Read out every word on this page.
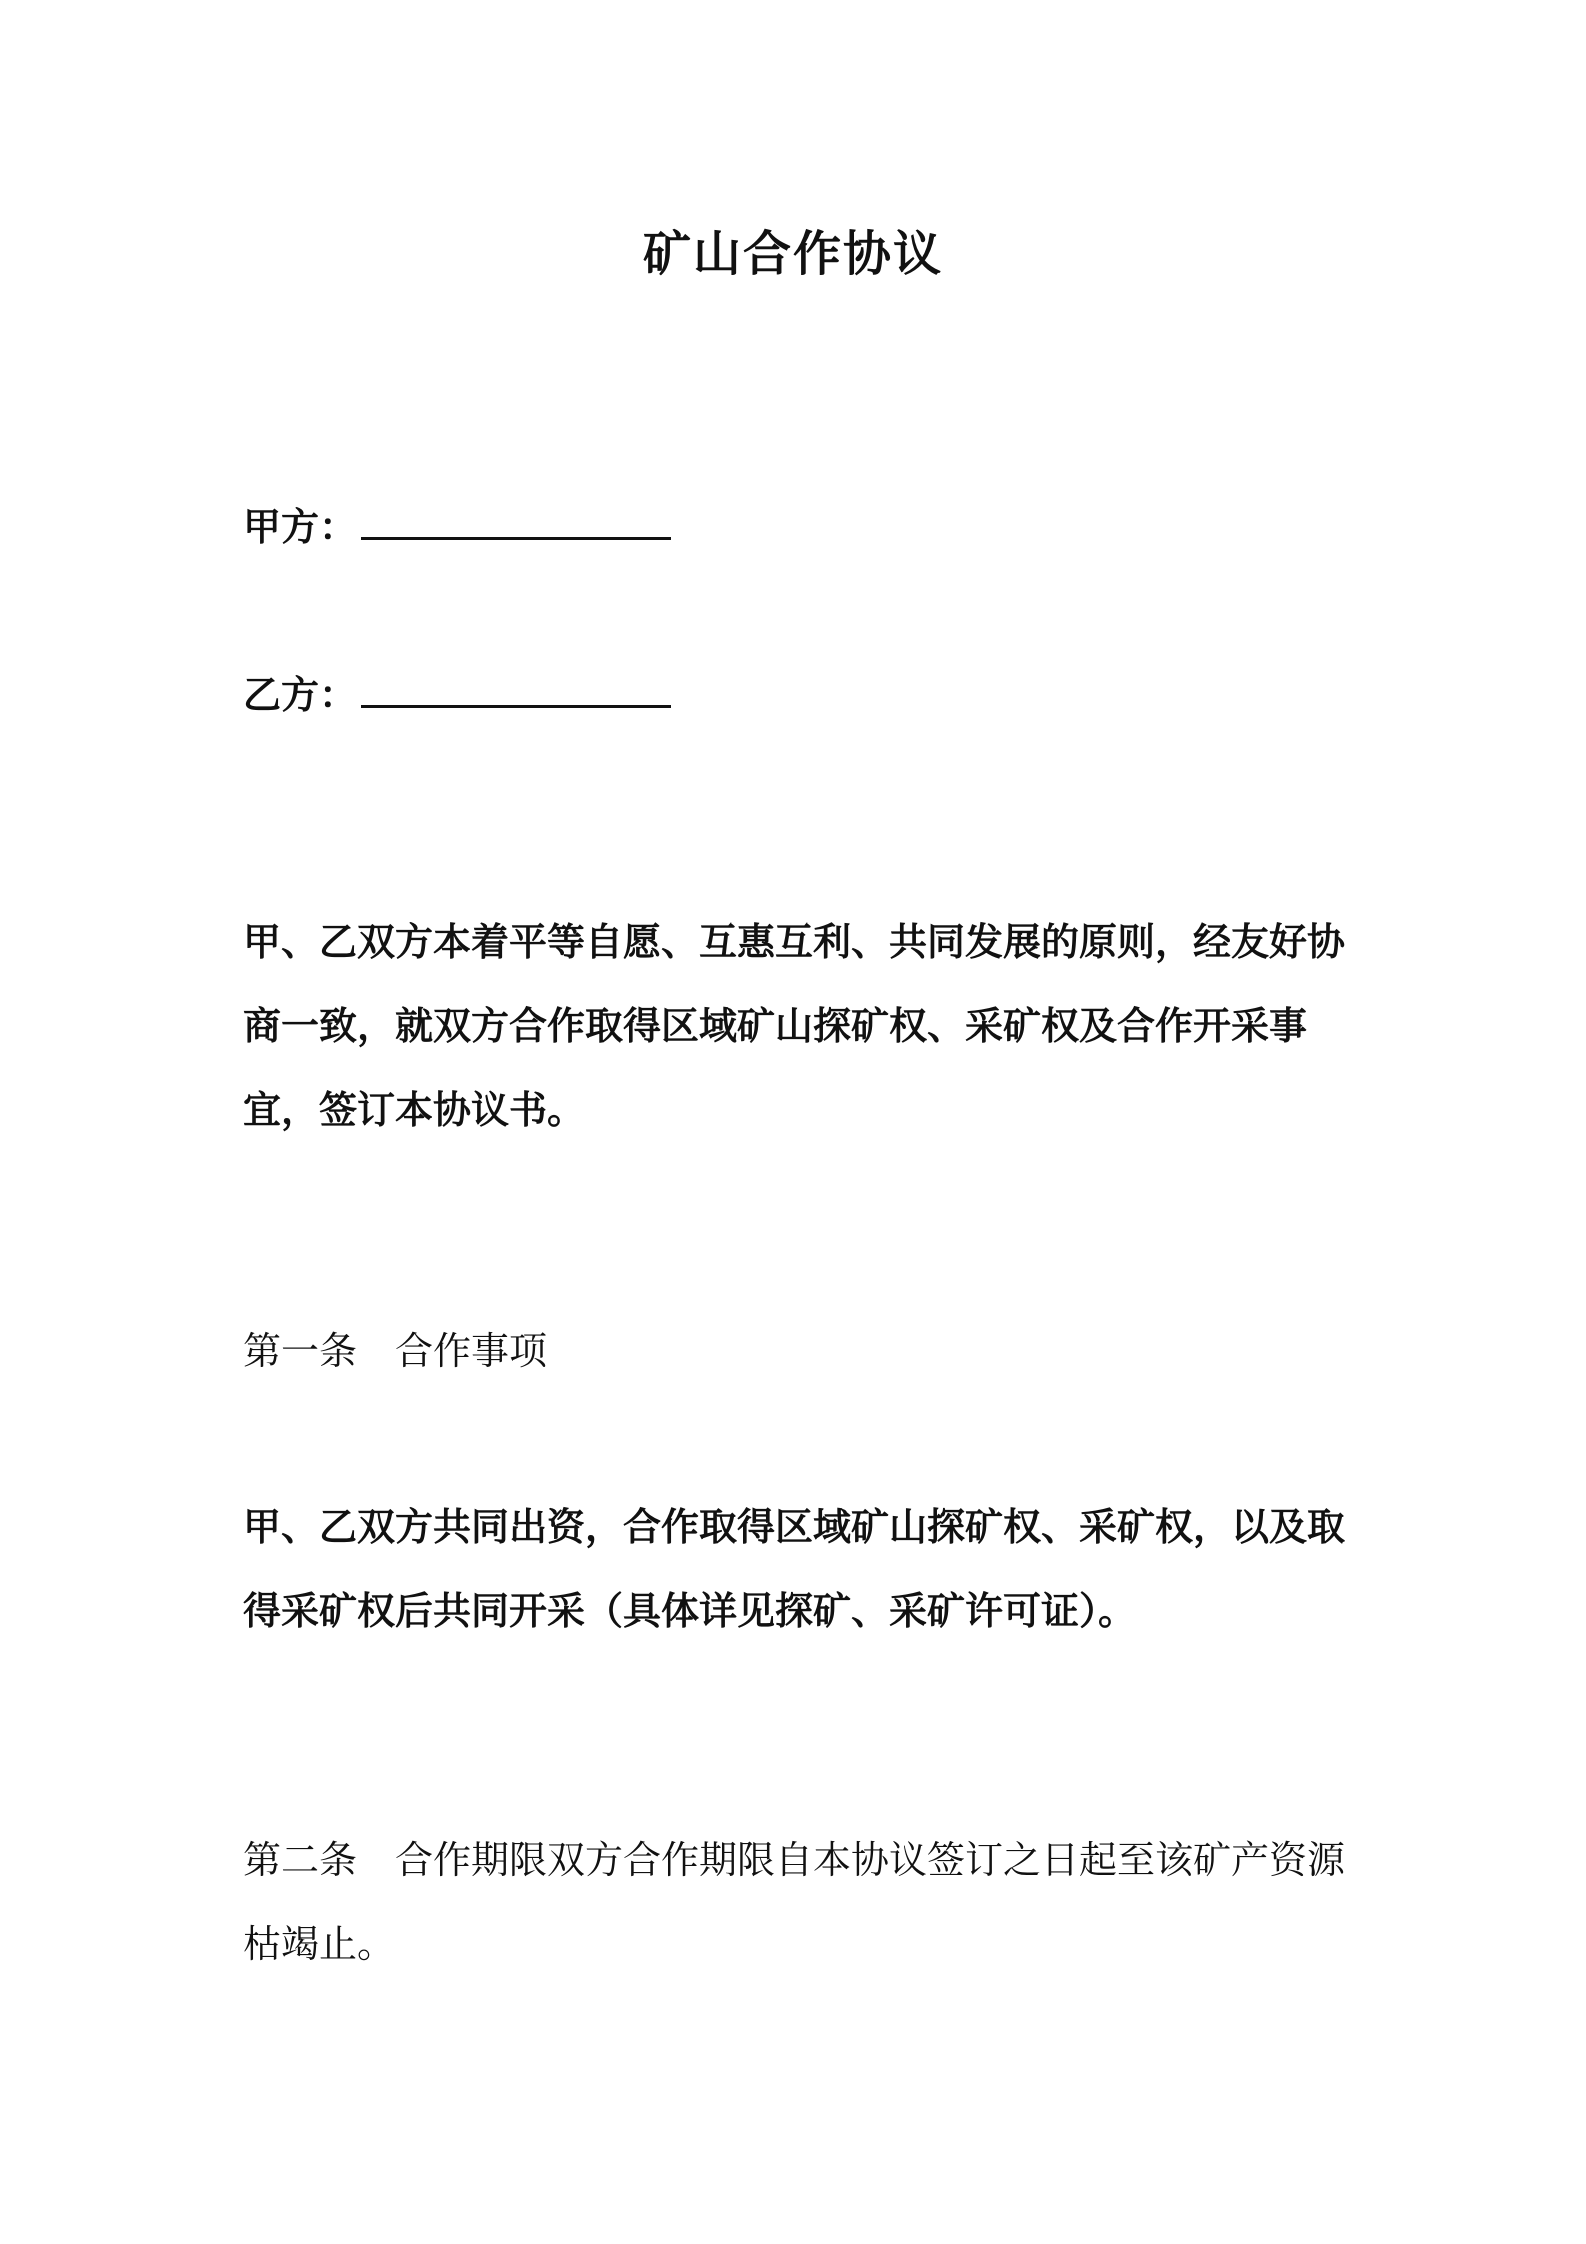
矿山合作协议
甲方：
乙方：

甲、乙双方本着平等自愿、互惠互利、共同发展的原则，经友好协商一致，就双方合作取得区域矿山探矿权、采矿权及合作开采事宜，签订本协议书。

第一条　合作事项

甲、乙双方共同出资，合作取得区域矿山探矿权、采矿权，以及取得采矿权后共同开采（具体详见探矿、采矿许可证）。

第二条　合作期限双方合作期限自本协议签订之日起至该矿产资源枯竭止。
